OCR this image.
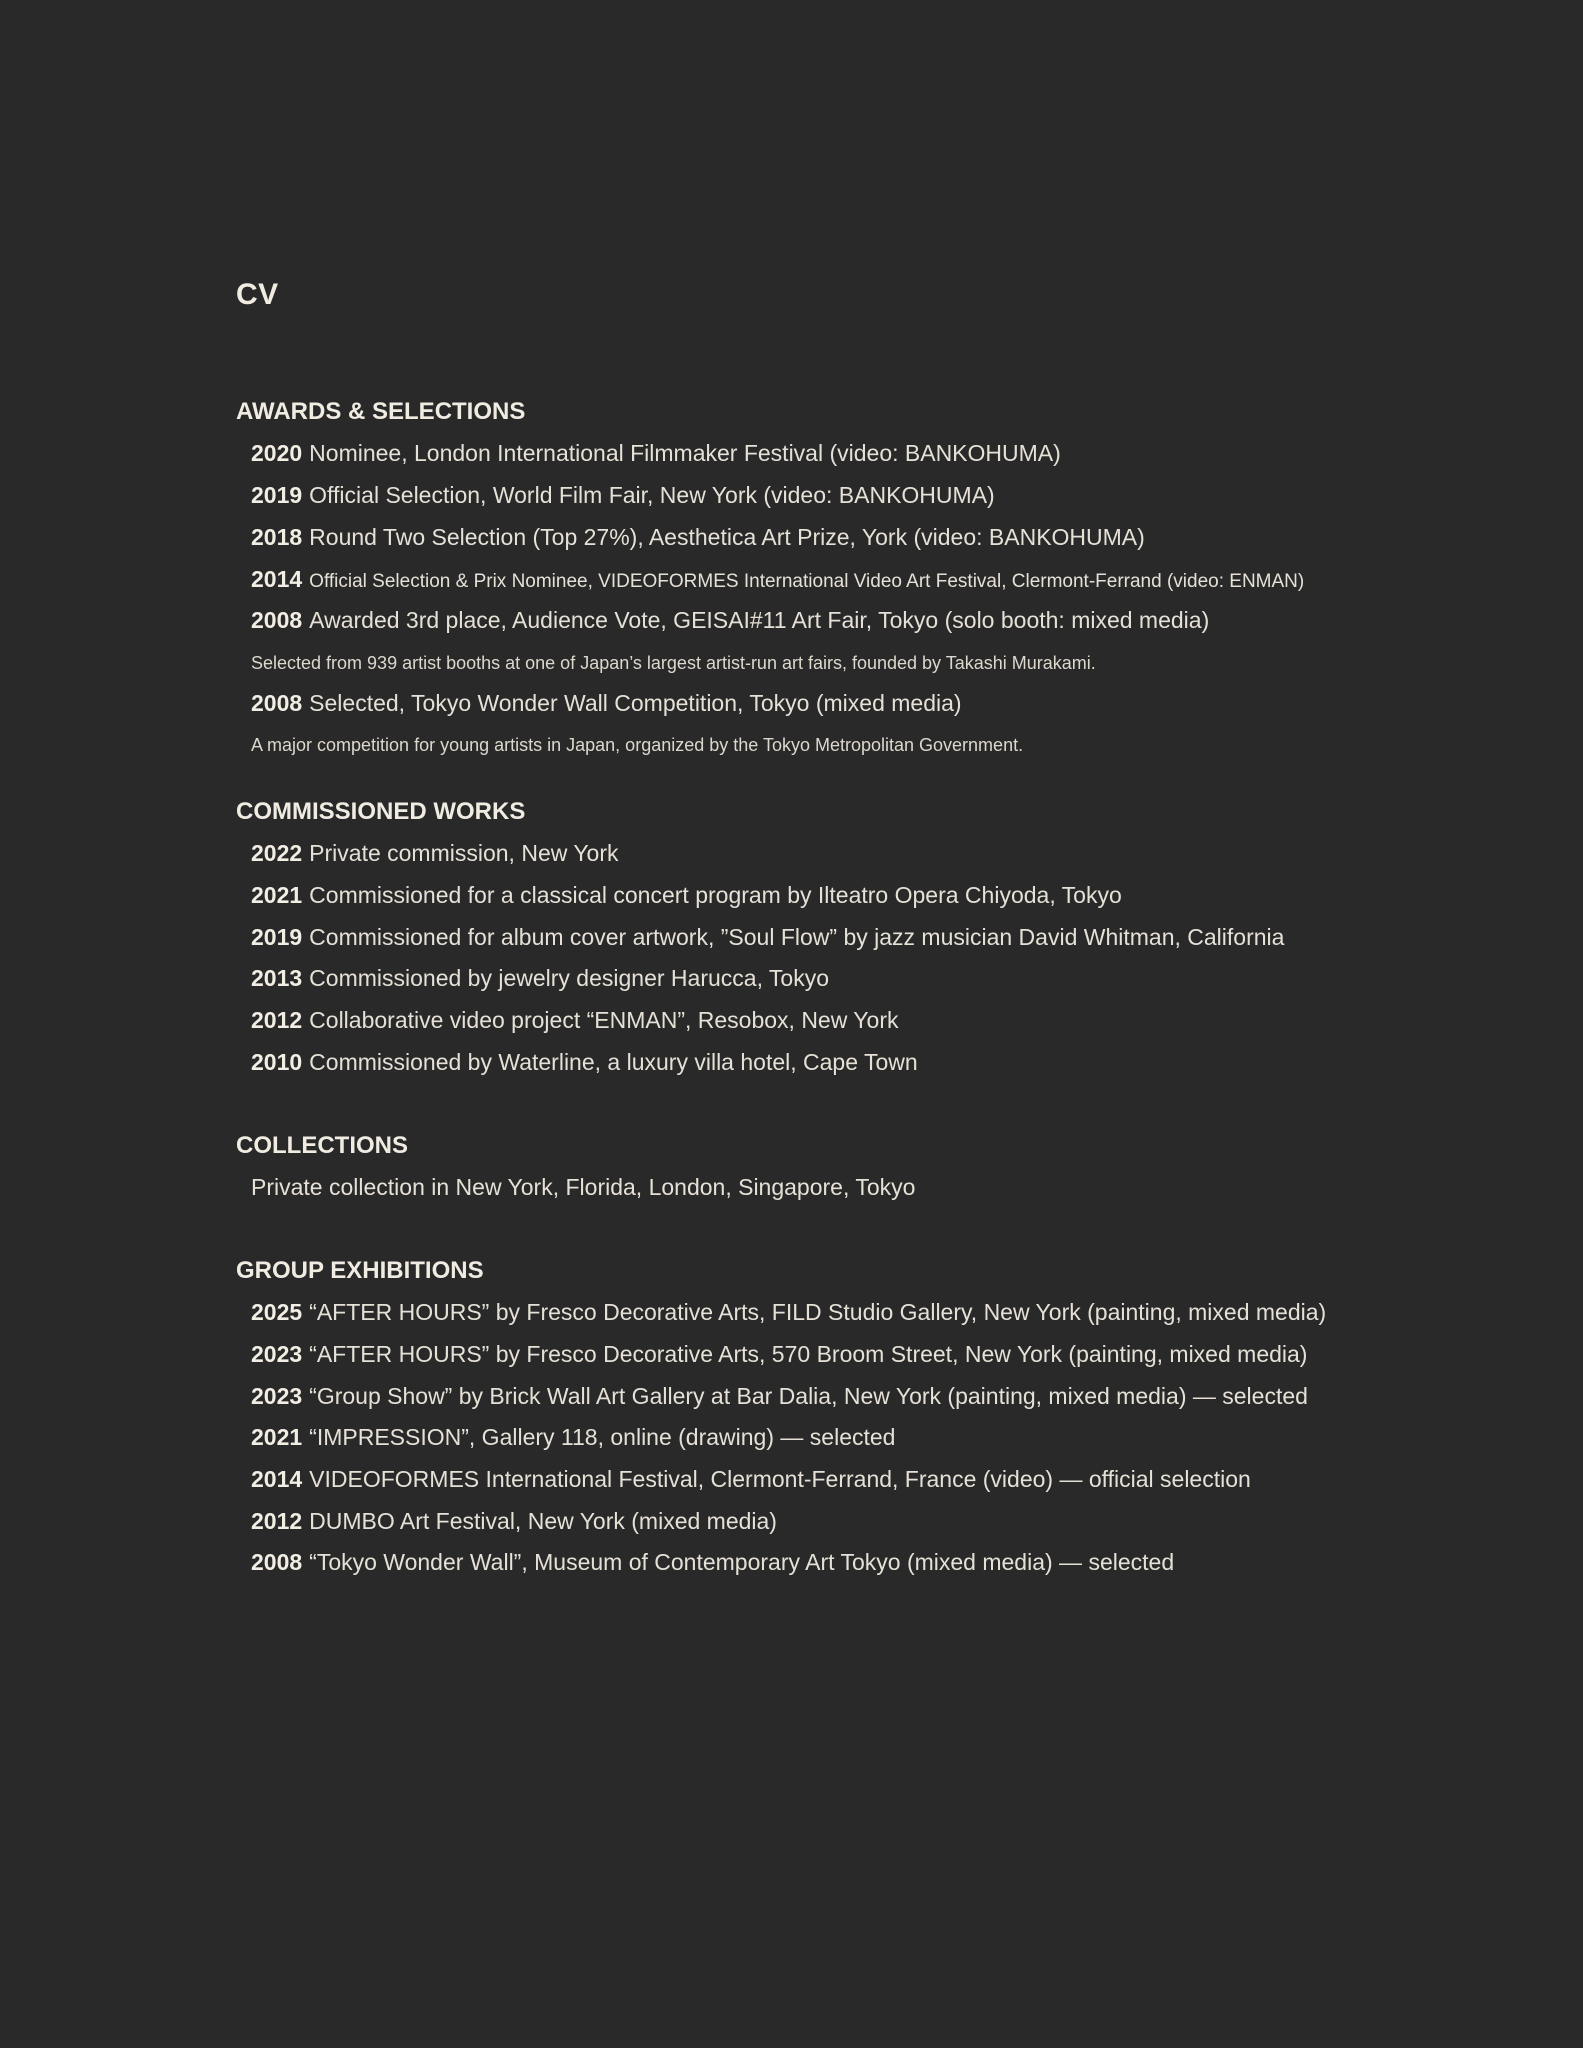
CV
AWARDS & SELECTIONS
2020 Nominee, London International Filmmaker Festival (video: BANKOHUMA)
2019 Official Selection, World Film Fair, New York (video: BANKOHUMA)
2018 Round Two Selection (Top 27%), Aesthetica Art Prize, York (video: BANKOHUMA)
2014 Official Selection & Prix Nominee, VIDEOFORMES International Video Art Festival, Clermont-Ferrand (video: ENMAN)
2008 Awarded 3rd place, Audience Vote, GEISAI#11 Art Fair, Tokyo (solo booth: mixed media)
Selected from 939 artist booths at one of Japan’s largest artist-run art fairs, founded by Takashi Murakami.
2008 Selected, Tokyo Wonder Wall Competition, Tokyo (mixed media)
A major competition for young artists in Japan, organized by the Tokyo Metropolitan Government.
COMMISSIONED WORKS
2022 Private commission, New York
2021 Commissioned for a classical concert program by Ilteatro Opera Chiyoda, Tokyo
2019 Commissioned for album cover artwork, ”Soul Flow” by jazz musician David Whitman, California
2013 Commissioned by jewelry designer Harucca, Tokyo
2012 Collaborative video project “ENMAN”, Resobox, New York
2010 Commissioned by Waterline, a luxury villa hotel, Cape Town
COLLECTIONS
Private collection in New York, Florida, London, Singapore, Tokyo
GROUP EXHIBITIONS
2025 “AFTER HOURS” by Fresco Decorative Arts, FILD Studio Gallery, New York (painting, mixed media)
2023 “AFTER HOURS” by Fresco Decorative Arts, 570 Broom Street, New York (painting, mixed media)
2023 “Group Show” by Brick Wall Art Gallery at Bar Dalia, New York (painting, mixed media) — selected
2021 “IMPRESSION”, Gallery 118, online (drawing) — selected
2014 VIDEOFORMES International Festival, Clermont-Ferrand, France (video) — official selection
2012 DUMBO Art Festival, New York (mixed media)
2008 “Tokyo Wonder Wall”, Museum of Contemporary Art Tokyo (mixed media) — selected
